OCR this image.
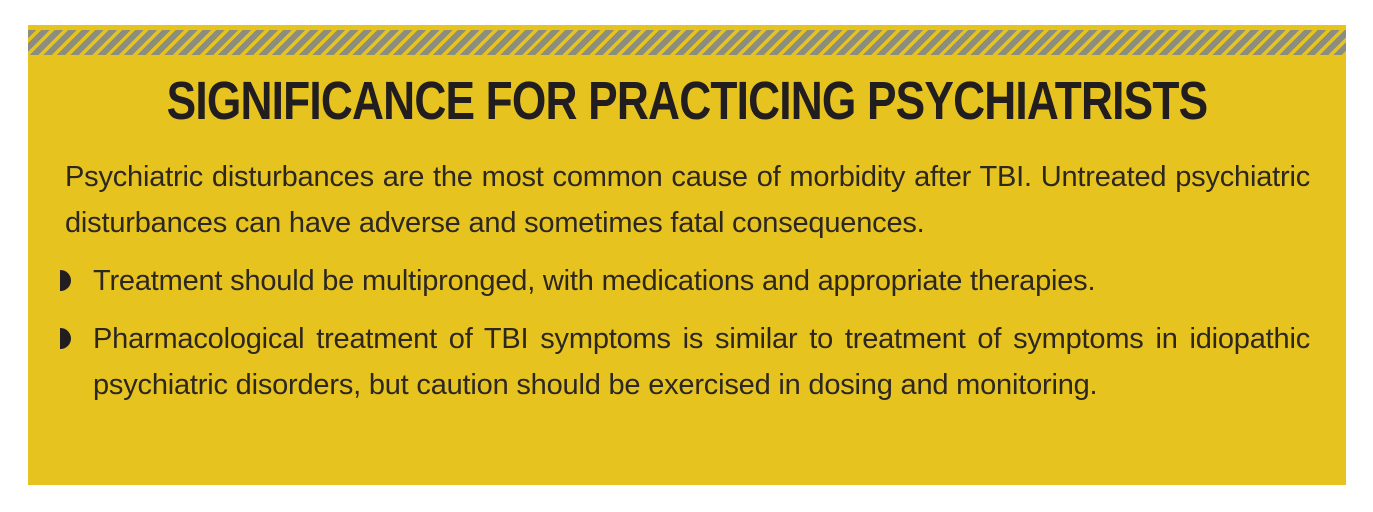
SIGNIFICANCE FOR PRACTICING PSYCHIATRISTS

Psychiatric disturbances are the most common cause of morbidity after TBI. Untreated psychiatric disturbances can have adverse and sometimes fatal consequences.

Treatment should be multipronged, with medications and appropriate therapies.

Pharmacological treatment of TBI symptoms is similar to treatment of symptoms in idiopathic psychiatric disorders, but caution should be exercised in dosing and monitoring.
